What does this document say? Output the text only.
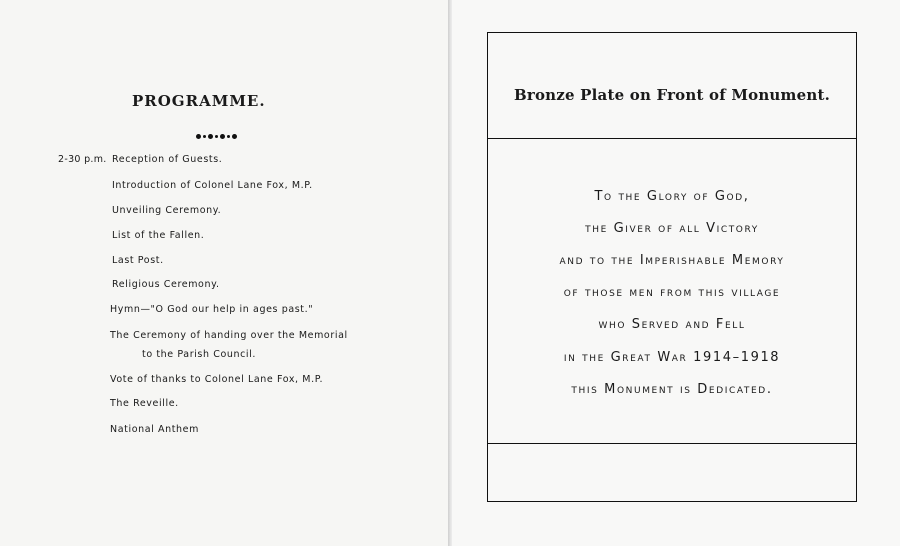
PROGRAMME.
2-30 p.m. Reception of Guests.
Introduction of Colonel Lane Fox, M.P.
Unveiling Ceremony.
List of the Fallen.
Last Post.
Religious Ceremony.
Hymn—"O God our help in ages past."
The Ceremony of handing over the Memorial
to the Parish Council.
Vote of thanks to Colonel Lane Fox, M.P.
The Reveille.
National Anthem
Bronze Plate on Front of Monument.
To the Glory of God,
the Giver of all Victory
and to the Imperishable Memory
of those men from this village
who Served and Fell
in the Great War 1914–1918
this Monument is Dedicated.
